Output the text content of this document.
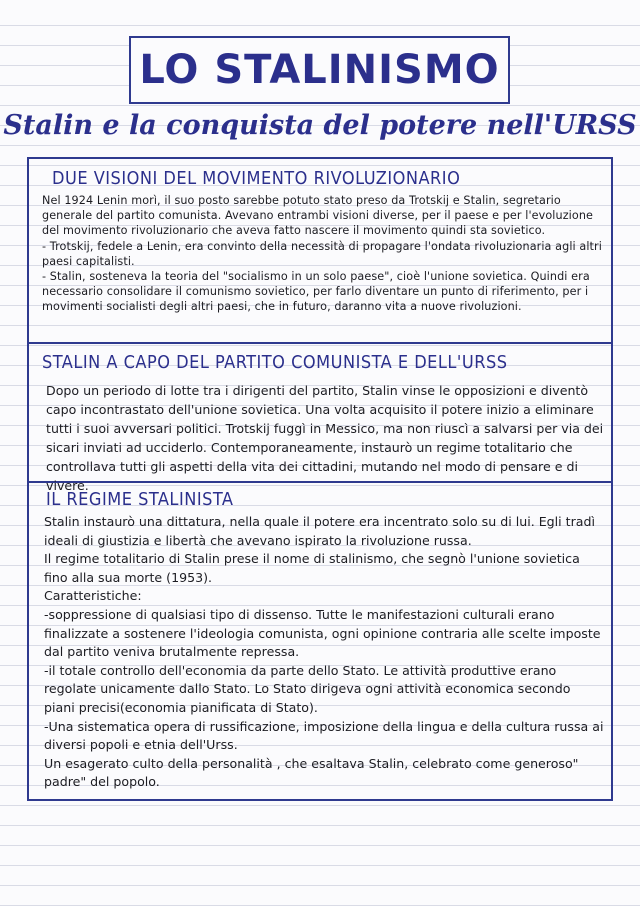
LO STALINISMO
Stalin e la conquista del potere nell'URSS
DUE VISIONI DEL MOVIMENTO RIVOLUZIONARIO

Nel 1924 Lenin morì, il suo posto sarebbe potuto stato preso da Trotskij e Stalin, segretario generale del partito comunista. Avevano entrambi visioni diverse, per il paese e per l'evoluzione del movimento rivoluzionario che aveva fatto nascere il movimento quindi sta sovietico.

- Trotskij, fedele a Lenin, era convinto della necessità di propagare l'ondata rivoluzionaria agli altri paesi capitalisti.

- Stalin, sosteneva la teoria del "socialismo in un solo paese", cioè l'unione sovietica. Quindi era necessario consolidare il comunismo sovietico, per farlo diventare un punto di riferimento, per i movimenti socialisti degli altri paesi, che in futuro, daranno vita a nuove rivoluzioni.

STALIN A CAPO DEL PARTITO COMUNISTA E DELL'URSS

Dopo un periodo di lotte tra i dirigenti del partito, Stalin vinse le opposizioni e diventò capo incontrastato dell'unione sovietica. Una volta acquisito il potere inizio a eliminare tutti i suoi avversari politici. Trotskij fuggì in Messico, ma non riuscì a salvarsi per via dei sicari inviati ad ucciderlo. Contemporaneamente, instaurò un regime totalitario che controllava tutti gli aspetti della vita dei cittadini, mutando nel modo di pensare e di vivere.

IL REGIME STALINISTA

Stalin instaurò una dittatura, nella quale il potere era incentrato solo su di lui. Egli tradì ideali di giustizia e libertà che avevano ispirato la rivoluzione russa.

Il regime totalitario di Stalin prese il nome di stalinismo, che segnò l'unione sovietica fino alla sua morte (1953).

Caratteristiche:

-soppressione di qualsiasi tipo di dissenso. Tutte le manifestazioni culturali erano finalizzate a sostenere l'ideologia comunista, ogni opinione contraria alle scelte imposte dal partito veniva brutalmente repressa.

-il totale controllo dell'economia da parte dello Stato. Le attività produttive erano regolate unicamente dallo Stato. Lo Stato dirigeva ogni attività economica secondo piani precisi(economia pianificata di Stato).

-Una sistematica opera di russificazione, imposizione della lingua e della cultura russa ai diversi popoli e etnia dell'Urss.

Un esagerato culto della personalità , che esaltava Stalin, celebrato come generoso" padre" del popolo.
